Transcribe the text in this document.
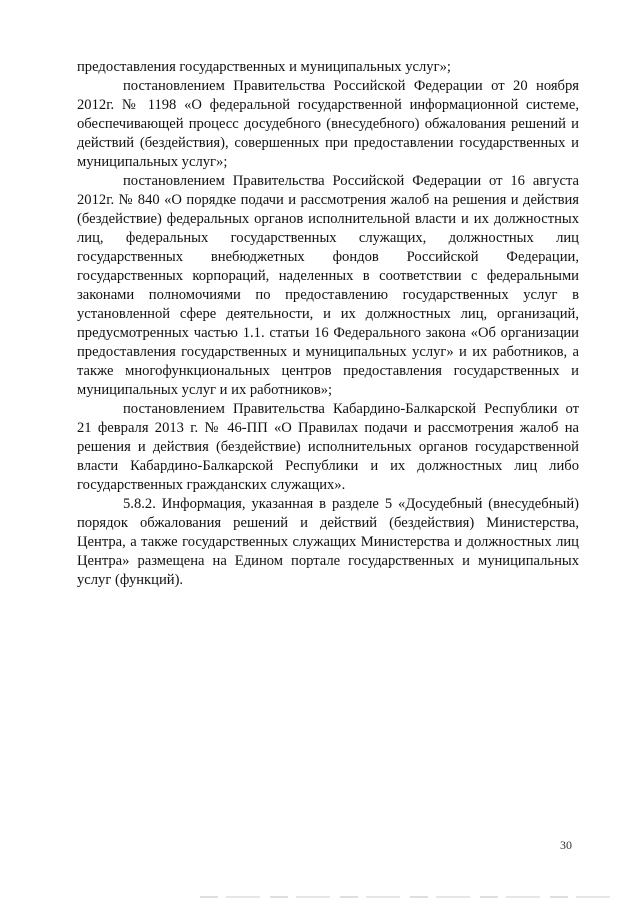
предоставления государственных и муниципальных услуг»;

постановлением Правительства Российской Федерации от 20 ноября 2012г. № 1198 «О федеральной государственной информационной системе, обеспечивающей процесс досудебного (внесудебного) обжалования решений и действий (бездействия), совершенных при предоставлении государственных и муниципальных услуг»;

постановлением Правительства Российской Федерации от 16 августа 2012г. № 840 «О порядке подачи и рассмотрения жалоб на решения и действия (бездействие) федеральных органов исполнительной власти и их должностных лиц, федеральных государственных служащих, должностных лиц государственных внебюджетных фондов Российской Федерации, государственных корпораций, наделенных в соответствии с федеральными законами полномочиями по предоставлению государственных услуг в установленной сфере деятельности, и их должностных лиц, организаций, предусмотренных частью 1.1. статьи 16 Федерального закона «Об организации предоставления государственных и муниципальных услуг» и их работников, а также многофункциональных центров предоставления государственных и муниципальных услуг и их работников»;

постановлением Правительства Кабардино-Балкарской Республики от 21 февраля 2013 г. № 46-ПП «О Правилах подачи и рассмотрения жалоб на решения и действия (бездействие) исполнительных органов государственной власти Кабардино-Балкарской Республики и их должностных лиц либо государственных гражданских служащих».

5.8.2. Информация, указанная в разделе 5 «Досудебный (внесудебный) порядок обжалования решений и действий (бездействия) Министерства, Центра, а также государственных служащих Министерства и должностных лиц Центра» размещена на Едином портале государственных и муниципальных услуг (функций).

30
